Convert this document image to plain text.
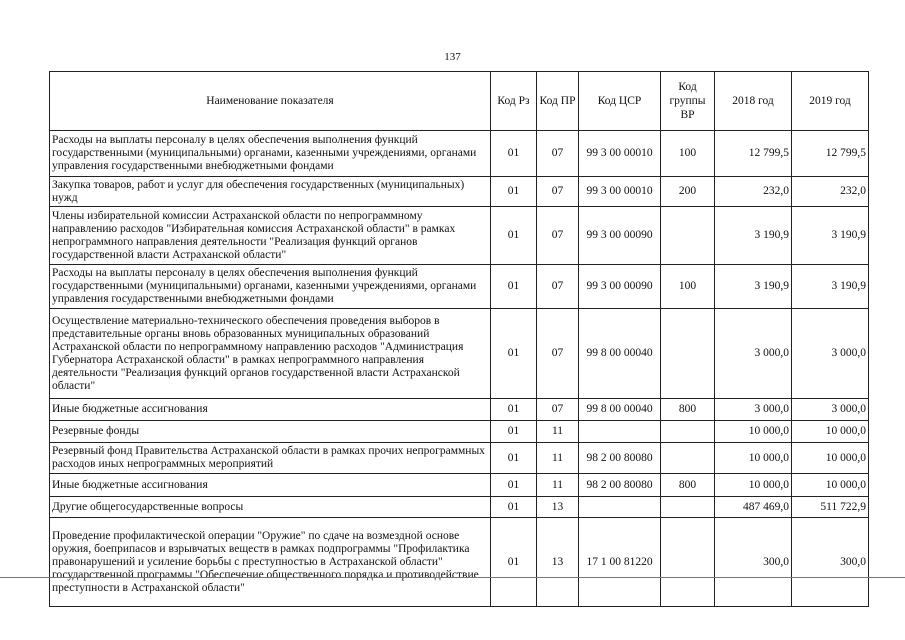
137
Наименование показателя	Код Рз	Код ПР	Код ЦСР	Код группы ВР	2018 год	2019 год
Расходы на выплаты персоналу в целях обеспечения выполнения функций государственными (муниципальными) органами, казенными учреждениями, органами управления государственными внебюджетными фондами	01	07	99 3 00 00010	100	12 799,5	12 799,5
Закупка товаров, работ и услуг для обеспечения государственных (муниципальных) нужд	01	07	99 3 00 00010	200	232,0	232,0
Члены избирательной комиссии Астраханской области по непрограммному направлению расходов "Избирательная комиссия Астраханской области" в рамках непрограммного направления деятельности "Реализация функций органов государственной власти Астраханской области"	01	07	99 3 00 00090		3 190,9	3 190,9
Расходы на выплаты персоналу в целях обеспечения выполнения функций государственными (муниципальными) органами, казенными учреждениями, органами управления государственными внебюджетными фондами	01	07	99 3 00 00090	100	3 190,9	3 190,9
Осуществление материально-технического обеспечения проведения выборов в представительные органы вновь образованных муниципальных образований Астраханской области по непрограммному направлению расходов "Администрация Губернатора Астраханской области" в рамках непрограммного направления деятельности "Реализация функций органов государственной власти Астраханской области"	01	07	99 8 00 00040		3 000,0	3 000,0
Иные бюджетные ассигнования	01	07	99 8 00 00040	800	3 000,0	3 000,0
Резервные фонды	01	11			10 000,0	10 000,0
Резервный фонд Правительства Астраханской области в рамках прочих непрограммных расходов иных непрограммных мероприятий	01	11	98 2 00 80080		10 000,0	10 000,0
Иные бюджетные ассигнования	01	11	98 2 00 80080	800	10 000,0	10 000,0
Другие общегосударственные вопросы	01	13			487 469,0	511 722,9
Проведение профилактической операции "Оружие" по сдаче на возмездной основе оружия, боеприпасов и взрывчатых веществ в рамках подпрограммы "Профилактика правонарушений и усиление борьбы с преступностью в Астраханской области" государственной программы "Обеспечение общественного порядка и противодействие преступности в Астраханской области"	01	13	17 1 00 81220		300,0	300,0
